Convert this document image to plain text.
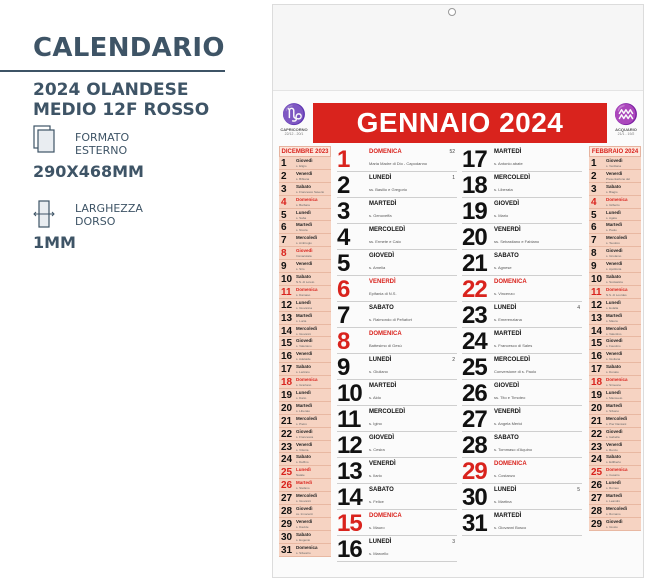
CALENDARIO
2024 OLANDESE
MEDIO 12F ROSSO
FORMATO
ESTERNO
290X468MM
LARGHEZZA
DORSO
1MM
♑
CAPRICORNO
22/12 - 20/1	GENNAIO 2024	♒
ACQUARIO
21/1 - 19/2
DICEMBRE 2023
1 Giovedì
s. Eligio
2 Venerdì
s. Bibiana
3 Sabato
s. Francesco Saverio
4 Domenica
s. Barbara
5 Lunedì
s. Saba
6 Martedì
s. Nicola
7 Mercoledì
s. Ambrogio
8 Giovedì
Immacolata
9 Venerdì
s. Siro
10 Sabato
N.S. di Loreto
11 Domenica
s. Damaso
12 Lunedì
s. Giovanna
13 Martedì
s. Lucia
14 Mercoledì
s. Giovanni
15 Giovedì
s. Valeriano
16 Venerdì
s. Adelaide
17 Sabato
s. Lazzaro
18 Domenica
s. Graziano
19 Lunedì
s. Dario
20 Martedì
s. Liberato
21 Mercoledì
s. Pietro
22 Giovedì
s. Francesca
23 Venerdì
s. Vittoria
24 Sabato
s. Delfino
25 Lunedì
Natale
26 Martedì
s. Stefano
27 Mercoledì
s. Giovanni
28 Giovedì
ss. Innocenti
29 Venerdì
s. Davide
30 Sabato
s. Eugenio
31 Domenica
s. Silvestro
1	DOMENICA
Maria Madre di Dio - Capodanno
52
2	LUNEDÌ
ss. Basilio e Gregorio
1
3	MARTEDÌ
s. Genoveffa
4	MERCOLEDÌ
ss. Ermete e Caio
5	GIOVEDÌ
s. Amelia
6	VENERDÌ
Epifania di N.S.
7	SABATO
s. Raimondo di Peñafort
8	DOMENICA
Battesimo di Gesù
9	LUNEDÌ
s. Giuliano
2
10	MARTEDÌ
s. Aldo
11	MERCOLEDÌ
s. Igino
12	GIOVEDÌ
s. Cesira
13	VENERDÌ
s. Ilario
14	SABATO
s. Felice
15	DOMENICA
s. Mauro
16	LUNEDÌ
s. Marcello
3
17	MARTEDÌ
s. Antonio abate
18	MERCOLEDÌ
s. Liberata
19	GIOVEDÌ
s. Mario
20	VENERDÌ
ss. Sebastiano e Fabiano
21	SABATO
s. Agnese
22	DOMENICA
s. Vincenzo
23	LUNEDÌ
s. Emerenziana
4
24	MARTEDÌ
s. Francesco di Sales
25	MERCOLEDÌ
Conversione di s. Paolo
26	GIOVEDÌ
ss. Tito e Timoteo
27	VENERDÌ
s. Angela Merici
28	SABATO
s. Tommaso d'Aquino
29	DOMENICA
s. Costanzo
30	LUNEDÌ
s. Martina
5
31	MARTEDÌ
s. Giovanni Bosco
FEBBRAIO 2024
1 Giovedì
s. Verdiana
2 Venerdì
Presentazione del
3 Sabato
s. Biagio
4 Domenica
s. Gilberto
5 Lunedì
s. Agata
6 Martedì
s. Paolo
7 Mercoledì
s. Teodoro
8 Giovedì
s. Girolamo
9 Venerdì
s. Apollonia
10 Sabato
s. Scolastica
11 Domenica
N.S. di Lourdes
12 Lunedì
s. Eulalia
13 Martedì
s. Maura
14 Mercoledì
s. Valentino
15 Giovedì
s. Faustino
16 Venerdì
s. Giuliana
17 Sabato
s. Donato
18 Domenica
s. Simeone
19 Lunedì
s. Mansueto
20 Martedì
s. Silvano
21 Mercoledì
s. Pier Damiani
22 Giovedì
s. Isabella
23 Venerdì
s. Renzo
24 Sabato
s. Edilberto
25 Domenica
s. Cesario
26 Lunedì
s. Romeo
27 Martedì
s. Leandro
28 Mercoledì
s. Romano
29 Giovedì
s. Giusto
